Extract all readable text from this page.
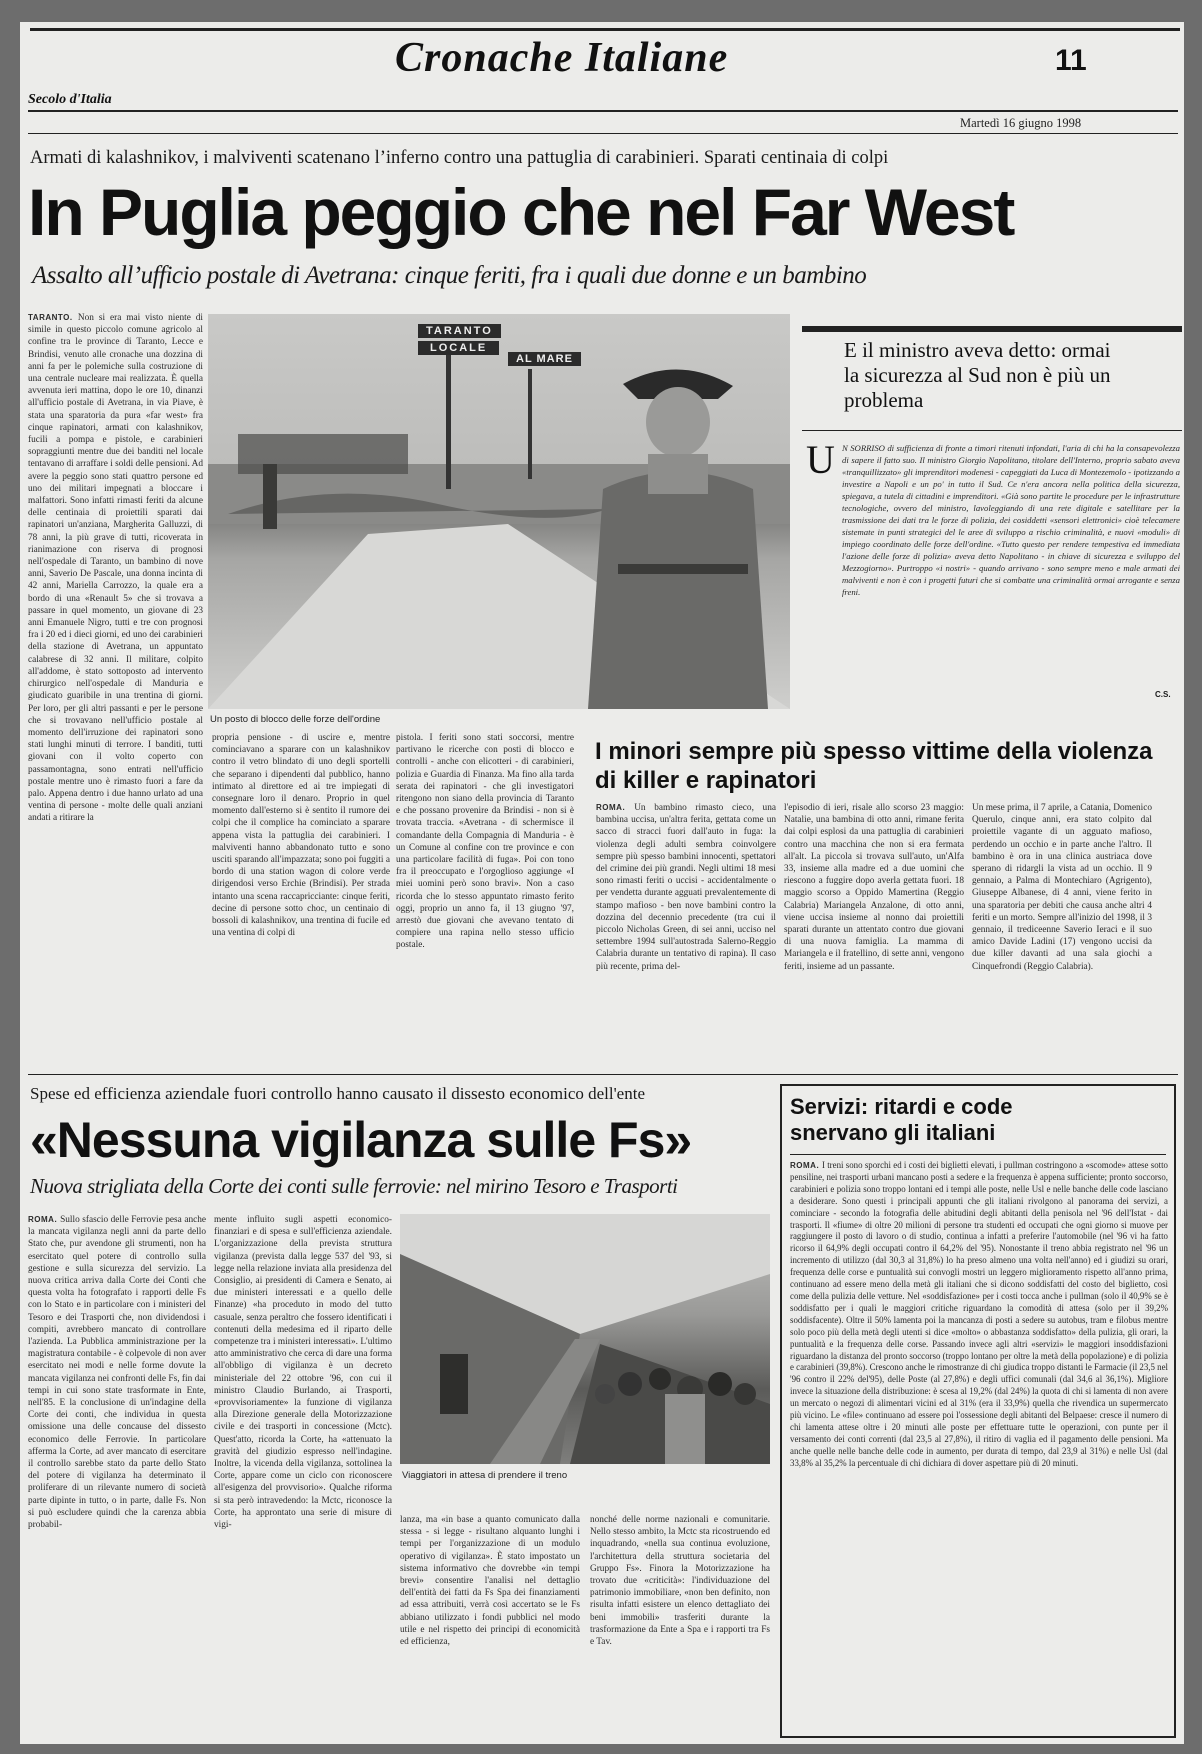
Cronache Italiane	11
Secolo d'Italia
Martedì 16 giugno 1998
Armati di kalashnikov, i malviventi scatenano l’inferno contro una pattuglia di carabinieri. Sparati centinaia di colpi
In Puglia peggio che nel Far West
Assalto all’ufficio postale di Avetrana: cinque feriti, fra i quali due donne e un bambino
TARANTO. Non si era mai visto niente di simile in questo piccolo comune agricolo al confine tra le province di Taranto, Lecce e Brindisi, venuto alle cronache una dozzina di anni fa per le polemiche sulla costruzione di una centrale nucleare mai realizzata. È quella avvenuta ieri mattina, dopo le ore 10, dinanzi all'ufficio postale di Avetrana, in via Piave, è stata una sparatoria da pura «far west» fra cinque rapinatori, armati con kalashnikov, fucili a pompa e pistole, e carabinieri sopraggiunti mentre due dei banditi nel locale tentavano di arraffare i soldi delle pensioni. Ad avere la peggio sono stati quattro persone ed uno dei militari impegnati a bloccare i malfattori. Sono infatti rimasti feriti da alcune delle centinaia di proiettili sparati dai rapinatori un'anziana, Margherita Galluzzi, di 78 anni, la più grave di tutti, ricoverata in rianimazione con riserva di prognosi nell'ospedale di Taranto, un bambino di nove anni, Saverio De Pascale, una donna incinta di 42 anni, Mariella Carrozzo, la quale era a bordo di una «Renault 5» che si trovava a passare in quel momento, un giovane di 23 anni Emanuele Nigro, tutti e tre con prognosi fra i 20 ed i dieci giorni, ed uno dei carabinieri della stazione di Avetrana, un appuntato calabrese di 32 anni. Il militare, colpito all'addome, è stato sottoposto ad intervento chirurgico nell'ospedale di Manduria e giudicato guaribile in una trentina di giorni. Per loro, per gli altri passanti e per le persone che si trovavano nell'ufficio postale al momento dell'irruzione dei rapinatori sono stati lunghi minuti di terrore. I banditi, tutti giovani con il volto coperto con passamontagna, sono entrati nell'ufficio postale mentre uno è rimasto fuori a fare da palo. Appena dentro i due hanno urlato ad una ventina di persone - molte delle quali anziani andati a ritirare la
TARANTO
LOCALE
AL MARE
Un posto di blocco delle forze dell'ordine
E il ministro aveva detto: ormai la sicurezza al Sud non è più un problema
U N SORRISO di sufficienza di fronte a timori ritenuti infondati, l'aria di chi ha la consapevolezza di sapere il fatto suo. Il ministro Giorgio Napolitano, titolare dell'Interno, proprio sabato aveva «tranquillizzato» gli imprenditori modenesi - capeggiati da Luca di Montezemolo - ipotizzando a investire a Napoli e un po' in tutto il Sud. Ce n'era ancora nella politica della sicurezza, spiegava, a tutela di cittadini e imprenditori. «Già sono partite le procedure per le infrastrutture tecnologiche, ovvero del ministro, lavoleggiando di una rete digitale e satellitare per la trasmissione dei dati tra le forze di polizia, dei cosiddetti «sensori elettronici» cioè telecamere sistemate in punti strategici del le aree di sviluppo a rischio criminalità, e nuovi «moduli» di impiego coordinato delle forze dell'ordine. «Tutto questo per rendere tempestiva ed immediata l'azione delle forze di polizia» aveva detto Napolitano - in chiave di sicurezza e sviluppo del Mezzogiorno». Purtroppo «i nostri» - quando arrivano - sono sempre meno e male armati dei malviventi e non è con i progetti futuri che si combatte una criminalità ormai arrogante e senza freni.
C.S.
propria pensione - di uscire e, mentre cominciavano a sparare con un kalashnikov contro il vetro blindato di uno degli sportelli che separano i dipendenti dal pubblico, hanno intimato al direttore ed ai tre impiegati di consegnare loro il denaro. Proprio in quel momento dall'esterno si è sentito il rumore dei colpi che il complice ha cominciato a sparare appena vista la pattuglia dei carabinieri. I malviventi hanno abbandonato tutto e sono usciti sparando all'impazzata; sono poi fuggiti a bordo di una station wagon di colore verde dirigendosi verso Erchie (Brindisi). Per strada intanto una scena raccapricciante: cinque feriti, decine di persone sotto choc, un centinaio di bossoli di kalashnikov, una trentina di fucile ed una ventina di colpi di
pistola. I feriti sono stati soccorsi, mentre partivano le ricerche con posti di blocco e controlli - anche con elicotteri - di carabinieri, polizia e Guardia di Finanza. Ma fino alla tarda serata dei rapinatori - che gli investigatori ritengono non siano della provincia di Taranto e che possano provenire da Brindisi - non si è trovata traccia. «Avetrana - di schermisce il comandante della Compagnia di Manduria - è un Comune al confine con tre province e con una particolare facilità di fuga». Poi con tono fra il preoccupato e l'orgoglioso aggiunge «I miei uomini però sono bravi». Non a caso ricorda che lo stesso appuntato rimasto ferito oggi, proprio un anno fa, il 13 giugno '97, arrestò due giovani che avevano tentato di compiere una rapina nello stesso ufficio postale.
I minori sempre più spesso vittime della violenza di killer e rapinatori
ROMA. Un bambino rimasto cieco, una bambina uccisa, un'altra ferita, gettata come un sacco di stracci fuori dall'auto in fuga: la violenza degli adulti sembra coinvolgere sempre più spesso bambini innocenti, spettatori del crimine dei più grandi. Negli ultimi 18 mesi sono rimasti feriti o uccisi - accidentalmente o per vendetta durante agguati prevalentemente di stampo mafioso - ben nove bambini contro la dozzina del decennio precedente (tra cui il piccolo Nicholas Green, di sei anni, ucciso nel settembre 1994 sull'autostrada Salerno-Reggio Calabria durante un tentativo di rapina). Il caso più recente, prima del-
l'episodio di ieri, risale allo scorso 23 maggio: Natalie, una bambina di otto anni, rimane ferita dai colpi esplosi da una pattuglia di carabinieri contro una macchina che non si era fermata all'alt. La piccola si trovava sull'auto, un'Alfa 33, insieme alla madre ed a due uomini che riescono a fuggire dopo averla gettata fuori. 18 maggio scorso a Oppido Mamertina (Reggio Calabria) Mariangela Anzalone, di otto anni, viene uccisa insieme al nonno dai proiettili sparati durante un attentato contro due giovani di una nuova famiglia. La mamma di Mariangela e il fratellino, di sette anni, vengono feriti, insieme ad un passante.
Un mese prima, il 7 aprile, a Catania, Domenico Querulo, cinque anni, era stato colpito dal proiettile vagante di un agguato mafioso, perdendo un occhio e in parte anche l'altro. Il bambino è ora in una clinica austriaca dove sperano di ridargli la vista ad un occhio. Il 9 gennaio, a Palma di Montechiaro (Agrigento), Giuseppe Albanese, di 4 anni, viene ferito in una sparatoria per debiti che causa anche altri 4 feriti e un morto. Sempre all'inizio del 1998, il 3 gennaio, il trediceenne Saverio Ieraci e il suo amico Davide Ladini (17) vengono uccisi da due killer davanti ad una sala giochi a Cinquefrondi (Reggio Calabria).
Spese ed efficienza aziendale fuori controllo hanno causato il dissesto economico dell'ente
«Nessuna vigilanza sulle Fs»
Nuova strigliata della Corte dei conti sulle ferrovie: nel mirino Tesoro e Trasporti
ROMA. Sullo sfascio delle Ferrovie pesa anche la mancata vigilanza negli anni da parte dello Stato che, pur avendone gli strumenti, non ha esercitato quel potere di controllo sulla gestione e sulla sicurezza del servizio. La nuova critica arriva dalla Corte dei Conti che questa volta ha fotografato i rapporti delle Fs con lo Stato e in particolare con i ministeri del Tesoro e dei Trasporti che, non dividendosi i compiti, avrebbero mancato di controllare l'azienda. La Pubblica amministrazione per la magistratura contabile - è colpevole di non aver esercitato nei modi e nelle forme dovute la mancata vigilanza nei confronti delle Fs, fin dai tempi in cui sono state trasformate in Ente, nell'85. E la conclusione di un'indagine della Corte dei conti, che individua in questa omissione una delle concause del dissesto economico delle Ferrovie. In particolare afferma la Corte, ad aver mancato di esercitare il controllo sarebbe stato da parte dello Stato del potere di vigilanza ha determinato il proliferare di un rilevante numero di società parte dipinte in tutto, o in parte, dalle Fs. Non si può escludere quindi che la carenza abbia probabil-
mente influito sugli aspetti economico-finanziari e di spesa e sull'efficienza aziendale. L'organizzazione della prevista struttura vigilanza (prevista dalla legge 537 del '93, si legge nella relazione inviata alla presidenza del Consiglio, ai presidenti di Camera e Senato, ai due ministeri interessati e a quello delle Finanze) «ha proceduto in modo del tutto casuale, senza peraltro che fossero identificati i contenuti della medesima ed il riparto delle competenze tra i ministeri interessati». L'ultimo atto amministrativo che cerca di dare una forma all'obbligo di vigilanza è un decreto ministeriale del 22 ottobre '96, con cui il ministro Claudio Burlando, ai Trasporti, «provvisoriamente» la funzione di vigilanza alla Direzione generale della Motorizzazione civile e dei trasporti in concessione (Mctc). Quest'atto, ricorda la Corte, ha «attenuato la gravità del giudizio espresso nell'indagine. Inoltre, la vicenda della vigilanza, sottolinea la Corte, appare come un ciclo con riconoscere all'esigenza del provvisorio». Qualche riforma si sta però intravedendo: la Mctc, riconosce la Corte, ha approntato una serie di misure di vigi-
Viaggiatori in attesa di prendere il treno
lanza, ma «in base a quanto comunicato dalla stessa - si legge - risultano alquanto lunghi i tempi per l'organizzazione di un modulo operativo di vigilanza». È stato impostato un sistema informativo che dovrebbe «in tempi brevi» consentire l'analisi nel dettaglio dell'entità dei fatti da Fs Spa dei finanziamenti ad essa attribuiti, verrà così accertato se le Fs abbiano utilizzato i fondi pubblici nel modo utile e nel rispetto dei principi di economicità ed efficienza,
nonché delle norme nazionali e comunitarie. Nello stesso ambito, la Mctc sta ricostruendo ed inquadrando, «nella sua continua evoluzione, l'architettura della struttura societaria del Gruppo Fs». Finora la Motorizzazione ha trovato due «criticità»: l'individuazione del patrimonio immobiliare, «non ben definito, non risulta infatti esistere un elenco dettagliato dei beni immobili» trasferiti durante la trasformazione da Ente a Spa e i rapporti tra Fs e Tav.
Servizi: ritardi e code snervano gli italiani
ROMA. I treni sono sporchi ed i costi dei biglietti elevati, i pullman costringono a «scomode» attese sotto pensiline, nei trasporti urbani mancano posti a sedere e la frequenza è appena sufficiente; pronto soccorso, carabinieri e polizia sono troppo lontani ed i tempi alle poste, nelle Usl e nelle banche delle code lasciano a desiderare. Sono questi i principali appunti che gli italiani rivolgono al panorama dei servizi, a cominciare - secondo la fotografia delle abitudini degli abitanti della penisola nel '96 dell'Istat - dai trasporti. Il «fiume» di oltre 20 milioni di persone tra studenti ed occupati che ogni giorno si muove per raggiungere il posto di lavoro o di studio, continua a infatti a preferire l'automobile (nel '96 vi ha fatto ricorso il 64,9% degli occupati contro il 64,2% del '95). Nonostante il treno abbia registrato nel '96 un incremento di utilizzo (dal 30,3 al 31,8%) lo ha preso almeno una volta nell'anno) ed i giudizi su orari, frequenza delle corse e puntualità sui convogli mostri un leggero miglioramento rispetto all'anno prima, continuano ad essere meno della metà gli italiani che si dicono soddisfatti del costo del biglietto, così come della pulizia delle vetture. Nel «soddisfazione» per i costi tocca anche i pullman (solo il 40,9% se è soddisfatto per i quali le maggiori critiche riguardano la comodità di attesa (solo per il 39,2% soddisfacente). Oltre il 50% lamenta poi la mancanza di posti a sedere su autobus, tram e filobus mentre solo poco più della metà degli utenti si dice «molto» o abbastanza soddisfatto» della pulizia, gli orari, la puntualità e la frequenza delle corse. Passando invece agli altri «servizi» le maggiori insoddisfazioni riguardano la distanza del pronto soccorso (troppo lontano per oltre la metà della popolazione) e di polizia e carabinieri (39,8%). Crescono anche le rimostranze di chi giudica troppo distanti le Farmacie (il 23,5 nel '96 contro il 22% del'95), delle Poste (al 27,8%) e degli uffici comunali (dal 34,6 al 36,1%). Migliore invece la situazione della distribuzione: è scesa al 19,2% (dal 24%) la quota di chi si lamenta di non avere un mercato o negozi di alimentari vicini ed al 31% (era il 33,9%) quella che rivendica un supermercato più vicino. Le «file» continuano ad essere poi l'ossessione degli abitanti del Belpaese: cresce il numero di chi lamenta attese oltre i 20 minuti alle poste per effettuare tutte le operazioni, con punte per il versamento dei conti correnti (dal 23,5 al 27,8%), il ritiro di vaglia ed il pagamento delle pensioni. Ma anche quelle nelle banche delle code in aumento, per durata di tempo, dal 23,9 al 31%) e nelle Usl (dal 33,8% al 35,2% la percentuale di chi dichiara di dover aspettare più di 20 minuti.
